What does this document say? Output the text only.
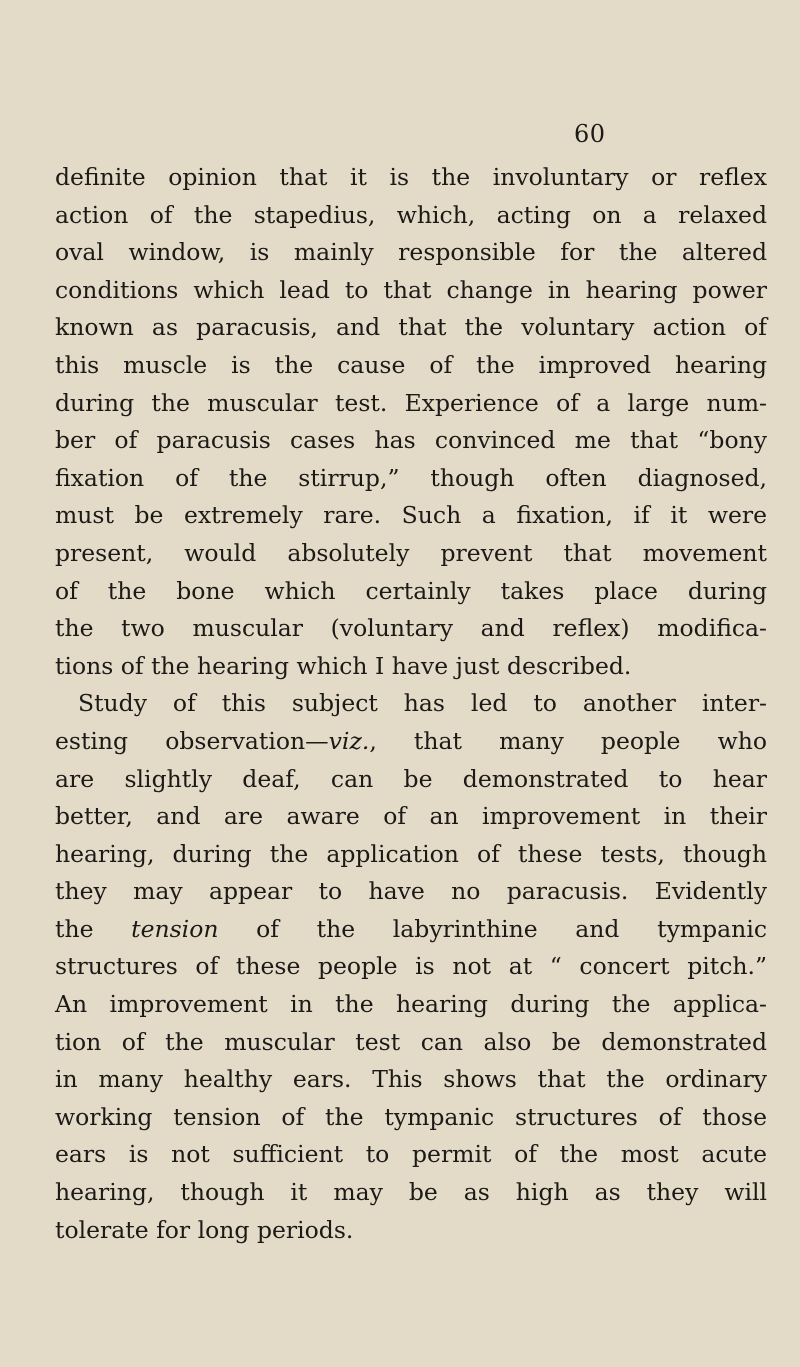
60
definite opinion that it is the involuntary or reflex
action of the stapedius, which, acting on a relaxed
oval window, is mainly responsible for the altered
conditions which lead to that change in hearing power
known as paracusis, and that the voluntary action of
this muscle is the cause of the improved hearing
during the muscular test. Experience of a large num-
ber of paracusis cases has convinced me that “bony
fixation of the stirrup,” though often diagnosed,
must be extremely rare. Such a fixation, if it were
present, would absolutely prevent that movement
of the bone which certainly takes place during
the two muscular (voluntary and reflex) modifica-
tions of the hearing which I have just described.
Study of this subject has led to another inter-
esting observation—viz., that many people who
are slightly deaf, can be demonstrated to hear
better, and are aware of an improvement in their
hearing, during the application of these tests, though
they may appear to have no paracusis. Evidently
the tension of the labyrinthine and tympanic
structures of these people is not at “ concert pitch.”
An improvement in the hearing during the applica-
tion of the muscular test can also be demonstrated
in many healthy ears. This shows that the ordinary
working tension of the tympanic structures of those
ears is not sufficient to permit of the most acute
hearing, though it may be as high as they will
tolerate for long periods.
